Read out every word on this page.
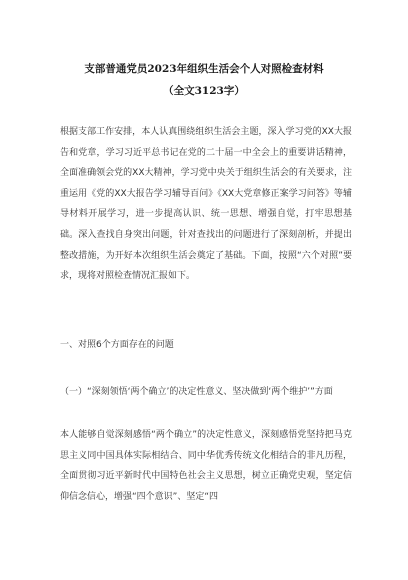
支部普通党员2023年组织生活会个人对照检查材料
（全文3123字）
根据支部工作安排，本人认真围绕组织生活会主题，深入学习党的XX大报告和党章，学习习近平总书记在党的二十届一中全会上的重要讲话精神，全面准确领会党的XX大精神，学习党中央关于组织生活会的有关要求，注重运用《党的XX大报告学习辅导百问》《XX大党章修正案学习问答》等辅导材料开展学习，进一步提高认识、统一思想、增强自觉，打牢思想基础。深入查找自身突出问题，针对查找出的问题进行了深刻剖析，并提出整改措施，为开好本次组织生活会奠定了基础。下面，按照“六个对照”要求，现将对照检查情况汇报如下。
一、对照6个方面存在的问题
（一）“深刻领悟‘两个确立’的决定性意义、坚决做到‘两个维护’”方面
本人能够自觉深刻感悟“两个确立”的决定性意义，深刻感悟党坚持把马克思主义同中国具体实际相结合、同中华优秀传统文化相结合的非凡历程，全面贯彻习近平新时代中国特色社会主义思想，树立正确党史观，坚定信仰信念信心，增强“四个意识”、坚定“四
